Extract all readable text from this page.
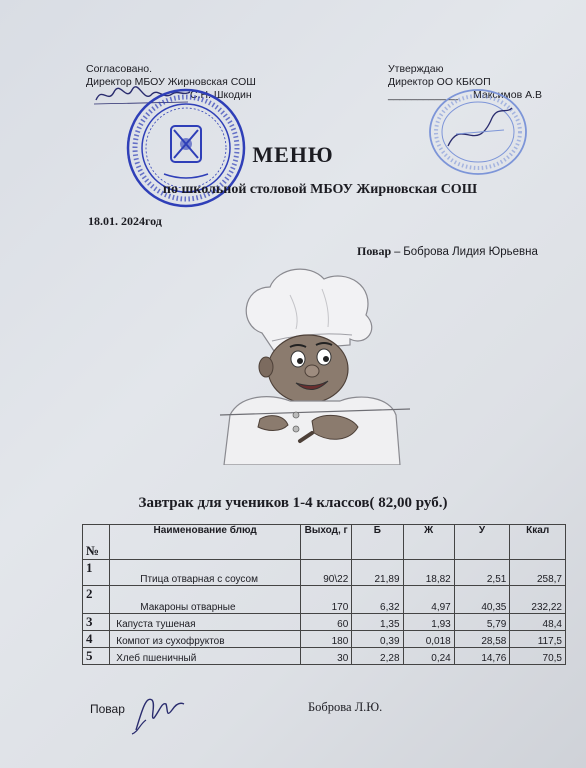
Согласовано.
Директор МБОУ Жирновская СОШ
С.Н. Шкодин
Утверждаю
Директор ОО КБКОП
____________ Максимов А.В
МЕНЮ
по школьной столовой МБОУ Жирновская СОШ
18.01. 2024год
Повар – Боброва Лидия Юрьевна
Завтрак для учеников 1-4 классов( 82,00 руб.)
№	Наименование блюд	Выход, г	Б	Ж	У	Ккал
1	Птица отварная с соусом	90\22	21,89	18,82	2,51	258,7
2	Макароны отварные	170	6,32	4,97	40,35	232,22
3	Капуста тушеная	60	1,35	1,93	5,79	48,4
4	Компот из сухофруктов	180	0,39	0,018	28,58	117,5
5	Хлеб пшеничный	30	2,28	0,24	14,76	70,5
Повар	Боброва Л.Ю.
